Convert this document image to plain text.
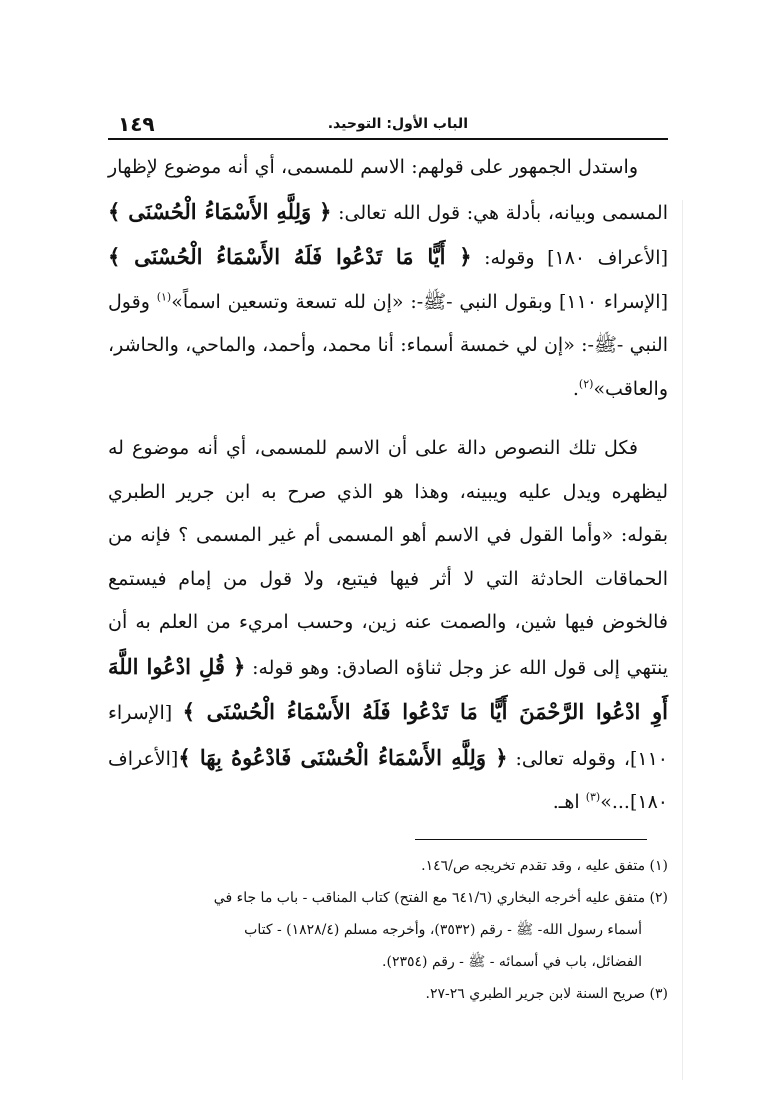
الباب الأول: التوحيد.
١٤٩

واستدل الجمهور على قولهم: الاسم للمسمى، أي أنه موضوع لإظهار المسمى وبيانه، بأدلة هي: قول الله تعالى: ﴿ وَلِلَّهِ الأَسْمَاءُ الْحُسْنَى ﴾ [الأعراف ١٨٠] وقوله: ﴿ أَيًّا مَا تَدْعُوا فَلَهُ الأَسْمَاءُ الْحُسْنَى ﴾ [الإسراء ١١٠] وبقول النبي -ﷺ-: «إن لله تسعة وتسعين اسماً»$^{(١)}$ وقول النبي -ﷺ-: «إن لي خمسة أسماء: أنا محمد، وأحمد، والماحي، والحاشر، والعاقب»$^{(٢)}$.

فكل تلك النصوص دالة على أن الاسم للمسمى، أي أنه موضوع له ليظهره ويدل عليه ويبينه، وهذا هو الذي صرح به ابن جرير الطبري بقوله: «وأما القول في الاسم أهو المسمى أم غير المسمى ؟ فإنه من الحماقات الحادثة التي لا أثر فيها فيتبع، ولا قول من إمام فيستمع فالخوض فيها شين، والصمت عنه زين، وحسب امريء من العلم به أن ينتهي إلى قول الله عز وجل ثناؤه الصادق: وهو قوله: ﴿ قُلِ ادْعُوا اللَّهَ أَوِ ادْعُوا الرَّحْمَنَ أَيًّا مَا تَدْعُوا فَلَهُ الأَسْمَاءُ الْحُسْنَى ﴾ [الإسراء ١١٠]، وقوله تعالى: ﴿ وَلِلَّهِ الأَسْمَاءُ الْحُسْنَى فَادْعُوهُ بِهَا ﴾[الأعراف ١٨٠]...»$^{(٣)}$ اهـ.

(١) متفق عليه ، وقد تقدم تخريجه ص/١٤٦.

(٢) متفق عليه أخرجه البخاري (٦٤١/٦ مع الفتح) كتاب المناقب - باب ما جاء في

أسماء رسول الله- ﷺ - رقم (٣٥٣٢)، وأخرجه مسلم (١٨٢٨/٤) - كتاب

الفضائل، باب في أسمائه - ﷺ - رقم (٢٣٥٤).

(٣) صريح السنة لابن جرير الطبري ٢٦-٢٧.
